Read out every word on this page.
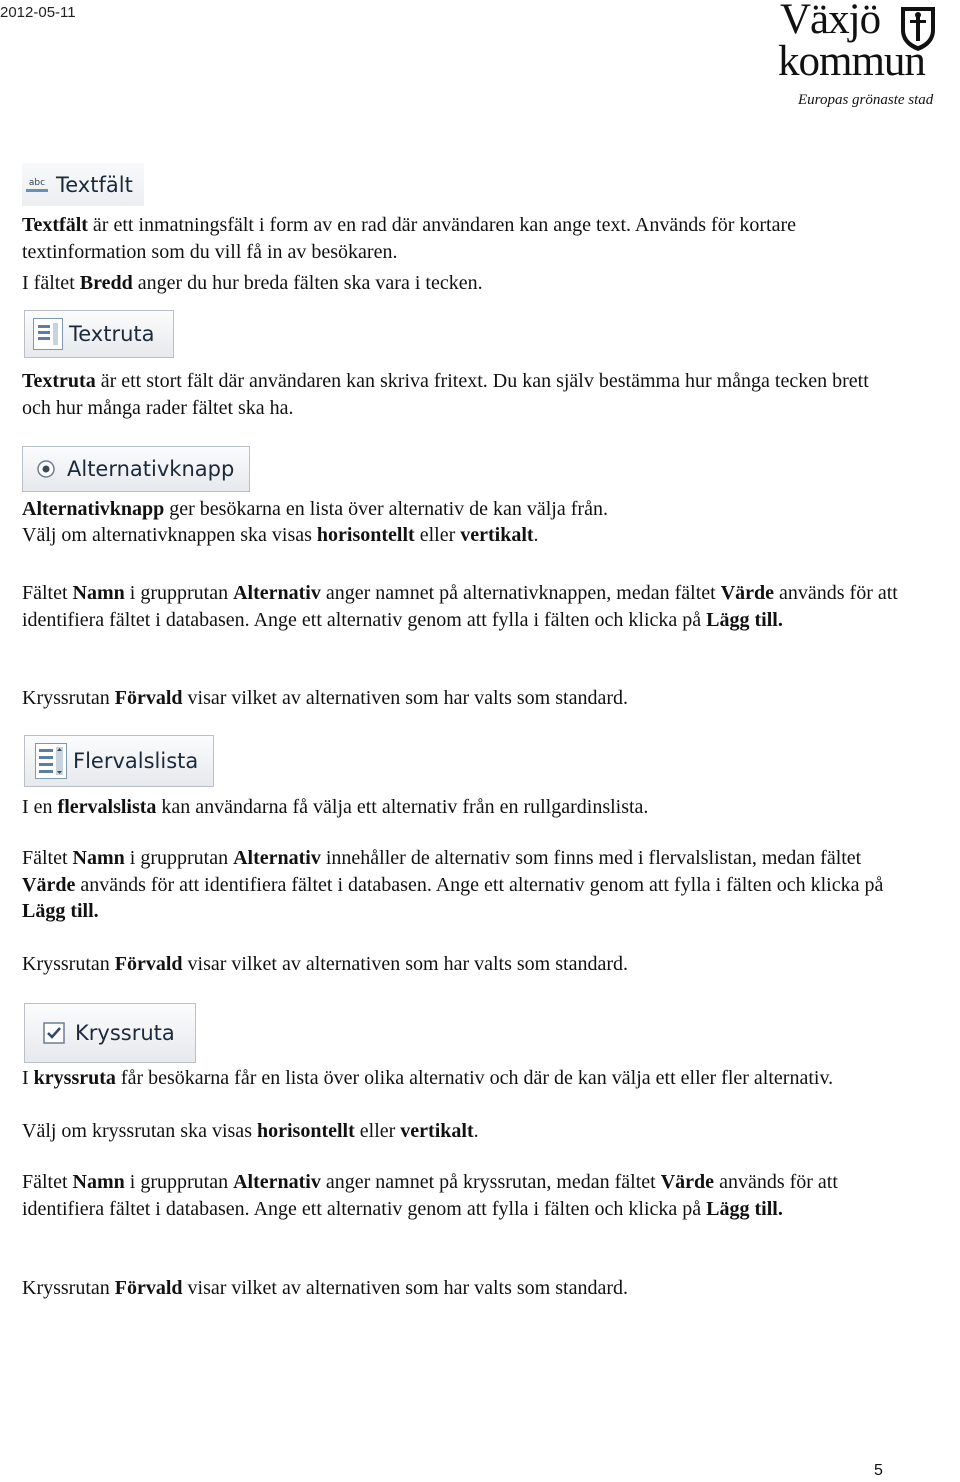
2012-05-11	Växjö
kommun
Europas grönaste stad
abc Textfält
Textfält är ett inmatningsfält i form av en rad där användaren kan ange text. Används för kortare textinformation som du vill få in av besökaren.
I fältet Bredd anger du hur breda fälten ska vara i tecken.
Textruta
Textruta är ett stort fält där användaren kan skriva fritext. Du kan själv bestämma hur många tecken brett och hur många rader fältet ska ha.
Alternativknapp
Alternativknapp ger besökarna en lista över alternativ de kan välja från.
Välj om alternativknappen ska visas horisontellt eller vertikalt.
Fältet Namn i grupprutan Alternativ anger namnet på alternativknappen, medan fältet Värde används för att identifiera fältet i databasen. Ange ett alternativ genom att fylla i fälten och klicka på Lägg till.
Kryssrutan Förvald visar vilket av alternativen som har valts som standard.
Flervalslista
I en flervalslista kan användarna få välja ett alternativ från en rullgardinslista.
Fältet Namn i grupprutan Alternativ innehåller de alternativ som finns med i flervalslistan, medan fältet Värde används för att identifiera fältet i databasen. Ange ett alternativ genom att fylla i fälten och klicka på Lägg till.
Kryssrutan Förvald visar vilket av alternativen som har valts som standard.
Kryssruta
I kryssruta får besökarna får en lista över olika alternativ och där de kan välja ett eller fler alternativ.
Välj om kryssrutan ska visas horisontellt eller vertikalt.
Fältet Namn i grupprutan Alternativ anger namnet på kryssrutan, medan fältet Värde används för att identifiera fältet i databasen. Ange ett alternativ genom att fylla i fälten och klicka på Lägg till.
Kryssrutan Förvald visar vilket av alternativen som har valts som standard.
5
